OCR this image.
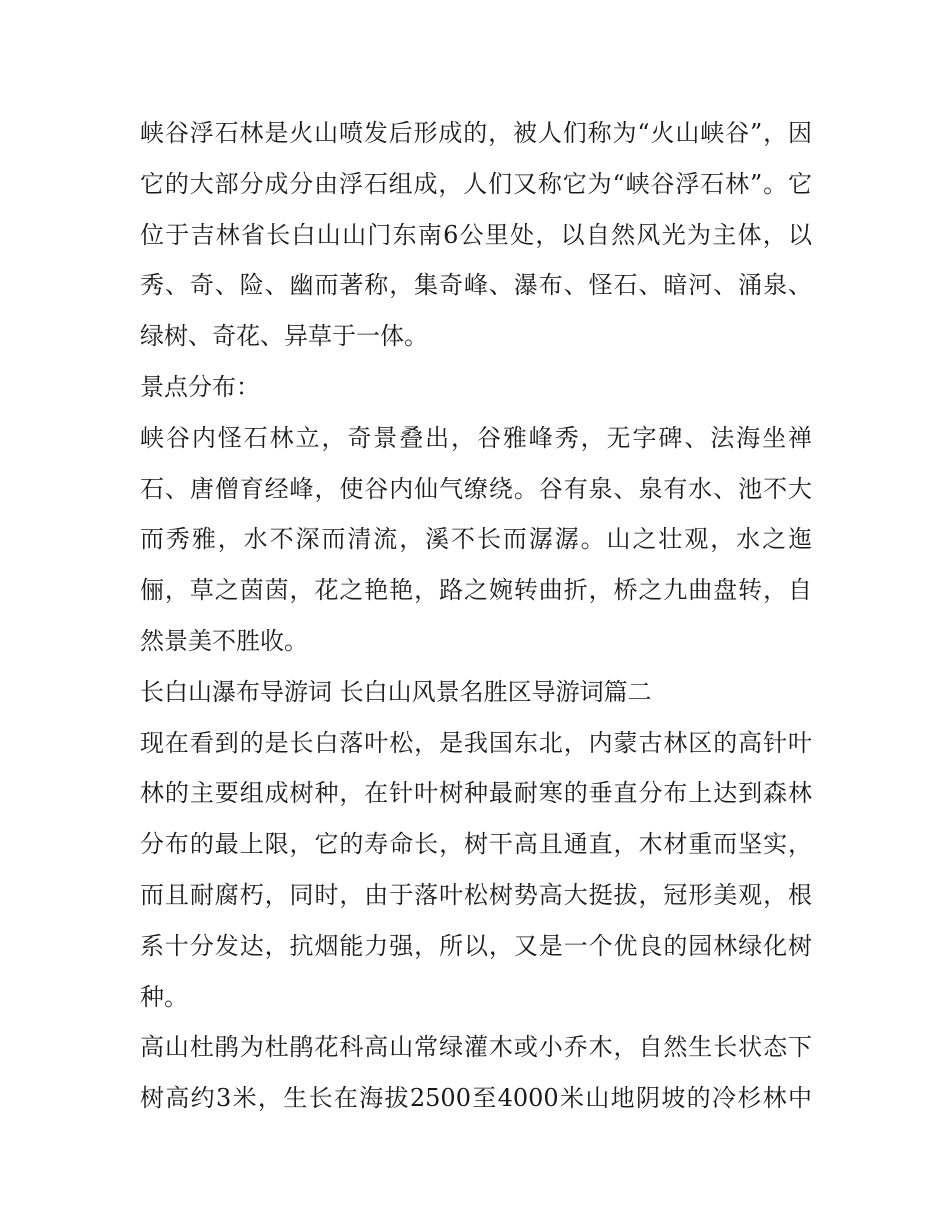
峡谷浮石林是火山喷发后形成的，被人们称为“火山峡谷”，因
它的大部分成分由浮石组成，人们又称它为“峡谷浮石林”。它
位于吉林省长白山山门东南6公里处，以自然风光为主体，以
秀、奇、险、幽而著称，集奇峰、瀑布、怪石、暗河、涌泉、
绿树、奇花、异草于一体。
景点分布：
峡谷内怪石林立，奇景叠出，谷雅峰秀，无字碑、法海坐禅
石、唐僧育经峰，使谷内仙气缭绕。谷有泉、泉有水、池不大
而秀雅，水不深而清流，溪不长而潺潺。山之壮观，水之迤
俪，草之茵茵，花之艳艳，路之婉转曲折，桥之九曲盘转，自
然景美不胜收。
长白山瀑布导游词 长白山风景名胜区导游词篇二
现在看到的是长白落叶松，是我国东北，内蒙古林区的高针叶
林的主要组成树种，在针叶树种最耐寒的垂直分布上达到森林
分布的最上限，它的寿命长，树干高且通直，木材重而坚实，
而且耐腐朽，同时，由于落叶松树势高大挺拔，冠形美观，根
系十分发达，抗烟能力强，所以，又是一个优良的园林绿化树
种。
高山杜鹃为杜鹃花科高山常绿灌木或小乔木，自然生长状态下
树高约3米，生长在海拔2500至4000米山地阴坡的冷杉林中
